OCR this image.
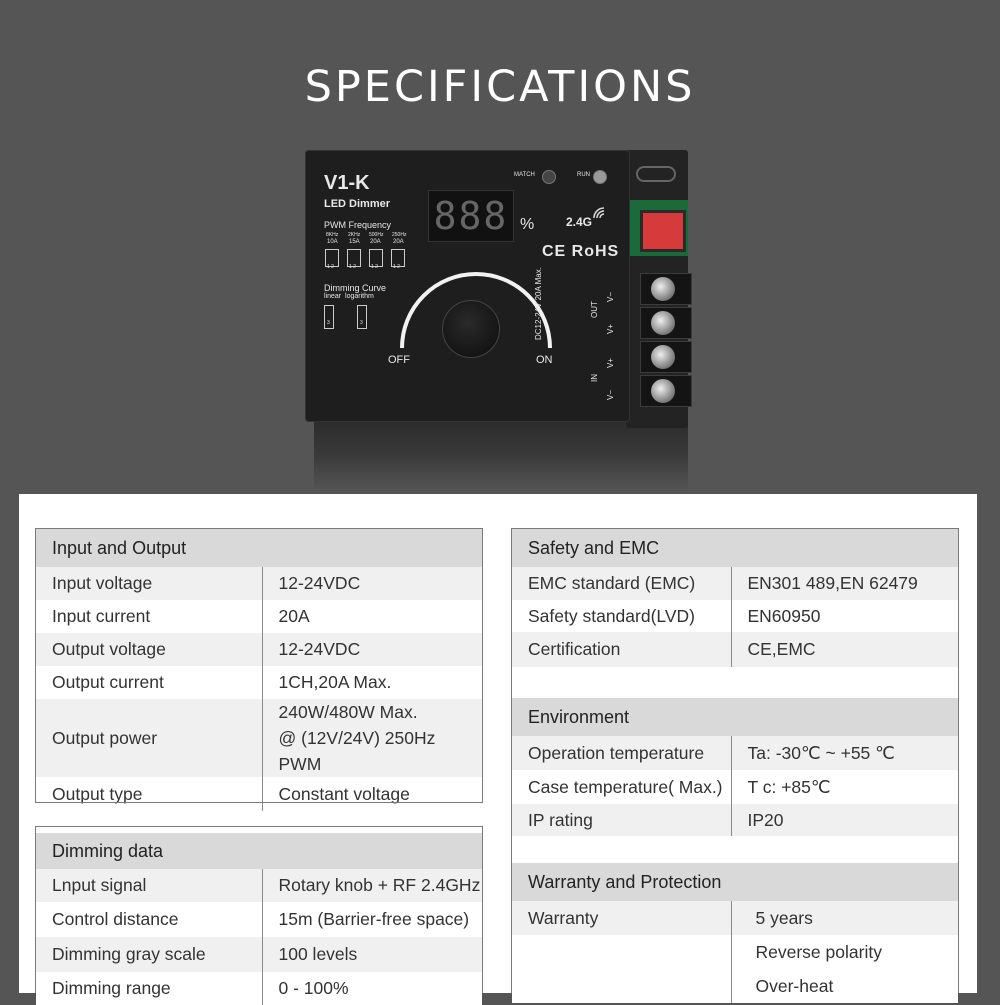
SPECIFICATIONS
V1-K
LED Dimmer
PWM Frequency
8KHz 2KHz 500Hz 250Hz
10A 15A 20A 20A
1 2	1 2	1 2	1 2
Dimming Curve
linear  logarithm
3	3
888 %
MATCH	RUN
2.4G
CE RoHS
OFF	ON
DC12-24V 20A Max.
OUT
IN
V−
V+
V+
V−
Input and Output	
Input voltage	12-24VDC
Input current	20A
Output voltage	12-24VDC
Output current	1CH,20A Max.
Output power	240W/480W Max.
@ (12V/24V) 250Hz PWM

Output type	Constant voltage

Dimming data	
Lnput signal	Rotary knob + RF 2.4GHz
Control distance	15m (Barrier-free space)
Dimming gray scale	100 levels
Dimming range	0 - 100%
Safety and EMC	
EMC standard (EMC)	EN301 489,EN 62479
Safety standard(LVD)	EN60950
Certification	CE,EMC

Environment	
Operation temperature	Ta: -30℃ ~ +55 ℃
Case temperature( Max.)	T c: +85℃
IP rating	IP20

Warranty and Protection	
Warranty	5 years
	Reverse polarity
	Over-heat
